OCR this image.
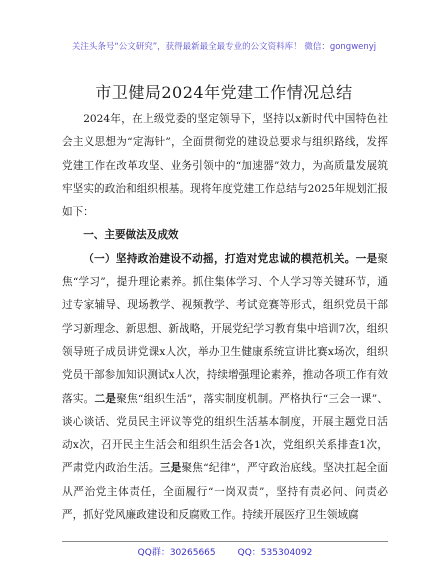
关注头条号“公文研究”，获得最新最全最专业的公文资料库！ 微信：gongwenyj
市卫健局2024年党建工作情况总结

2024年，在上级党委的坚定领导下，坚持以x新时代中国特色社会主义思想为“定海针”，全面贯彻党的建设总要求与组织路线，发挥党建工作在改革攻坚、业务引领中的“加速器”效力，为高质量发展筑牢坚实的政治和组织根基。现将年度党建工作总结与2025年规划汇报如下：

一、主要做法及成效

（一）坚持政治建设不动摇，打造对党忠诚的模范机关。一是聚焦“学习”，提升理论素养。抓住集体学习、个人学习等关键环节，通过专家辅导、现场教学、视频教学、考试竞赛等形式，组织党员干部学习新理念、新思想、新战略，开展党纪学习教育集中培训7次，组织领导班子成员讲党课x人次，举办卫生健康系统宣讲比赛x场次，组织党员干部参加知识测试x人次，持续增强理论素养，推动各项工作有效落实。二是聚焦“组织生活”，落实制度机制。严格执行“三会一课”、谈心谈话、党员民主评议等党的组织生活基本制度，开展主题党日活动x次，召开民主生活会和组织生活会各1次，党组织关系排查1次，严肃党内政治生活。三是聚焦“纪律”，严守政治底线。坚决扛起全面从严治党主体责任，全面履行“一岗双责”，坚持有责必问、问责必严，抓好党风廉政建设和反腐败工作。持续开展医疗卫生领域腐

QQ群：30265665 QQ：535304092
